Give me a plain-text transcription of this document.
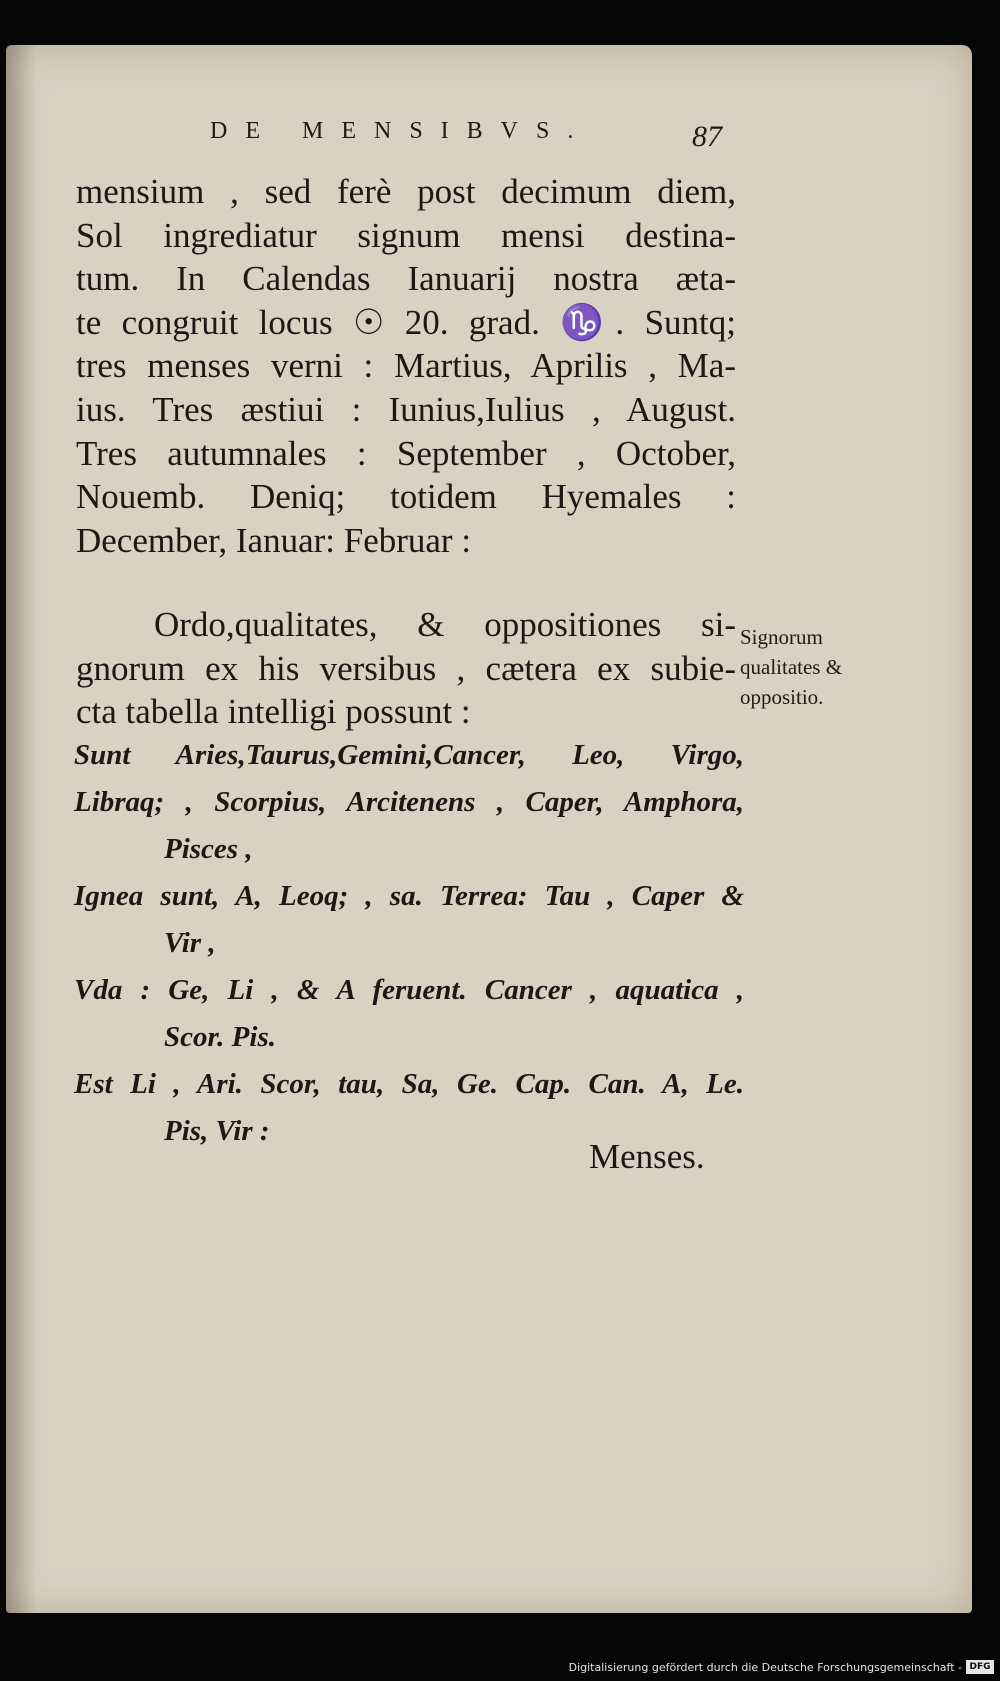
DE MENSIBVS.	87

mensium , sed ferè post decimum diem,
Sol ingrediatur signum mensi destina-
tum. In Calendas Ianuarij nostra æta-
te congruit locus ☉ 20. grad. ♑. Suntq;
tres menses verni : Martius, Aprilis , Ma-
ius. Tres æstiui : Iunius,Iulius , August.
Tres autumnales : September , October,
Nouemb. Deniq; totidem Hyemales :
December, Ianuar: Februar :

Ordo,qualitates, & oppositiones si-
gnorum ex his versibus , cætera ex subie-
cta tabella intelligi possunt :

Signorum
qualitates &
oppositio.
Sunt Aries,Taurus,Gemini,Cancer, Leo, Virgo,
Libraq; , Scorpius, Arcitenens , Caper, Amphora,
Pisces ,
Ignea sunt, A, Leoq; , sa. Terrea: Tau , Caper &
Vir ,
Vda : Ge, Li , & A feruent. Cancer , aquatica ,
Scor. Pis.
Est Li , Ari. Scor, tau, Sa, Ge. Cap. Can. A, Le.
Pis, Vir :
Menses.
Digitalisierung gefördert durch die Deutsche Forschungsgemeinschaft - DFG
